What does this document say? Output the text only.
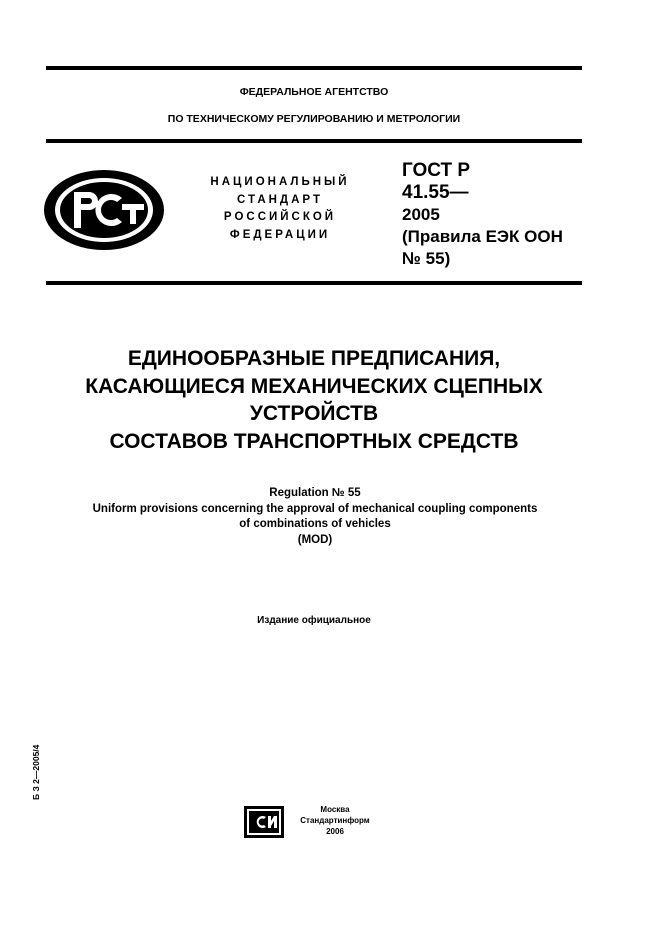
ФЕДЕРАЛЬНОЕ АГЕНТСТВО
ПО ТЕХНИЧЕСКОМУ РЕГУЛИРОВАНИЮ И МЕТРОЛОГИИ
НАЦИОНАЛЬНЫЙ
СТАНДАРТ
РОССИЙСКОЙ
ФЕДЕРАЦИИ
ГОСТ Р
41.55—
2005
(Правила ЕЭК ООН
№ 55)
ЕДИНООБРАЗНЫЕ ПРЕДПИСАНИЯ,
КАСАЮЩИЕСЯ МЕХАНИЧЕСКИХ СЦЕПНЫХ
УСТРОЙСТВ
СОСТАВОВ ТРАНСПОРТНЫХ СРЕДСТВ
Regulation № 55
Uniform provisions concerning the approval of mechanical coupling components
of combinations of vehicles
(MOD)
Издание официальное
Б З 2—2005/4
Москва
Стандартинформ
2006
